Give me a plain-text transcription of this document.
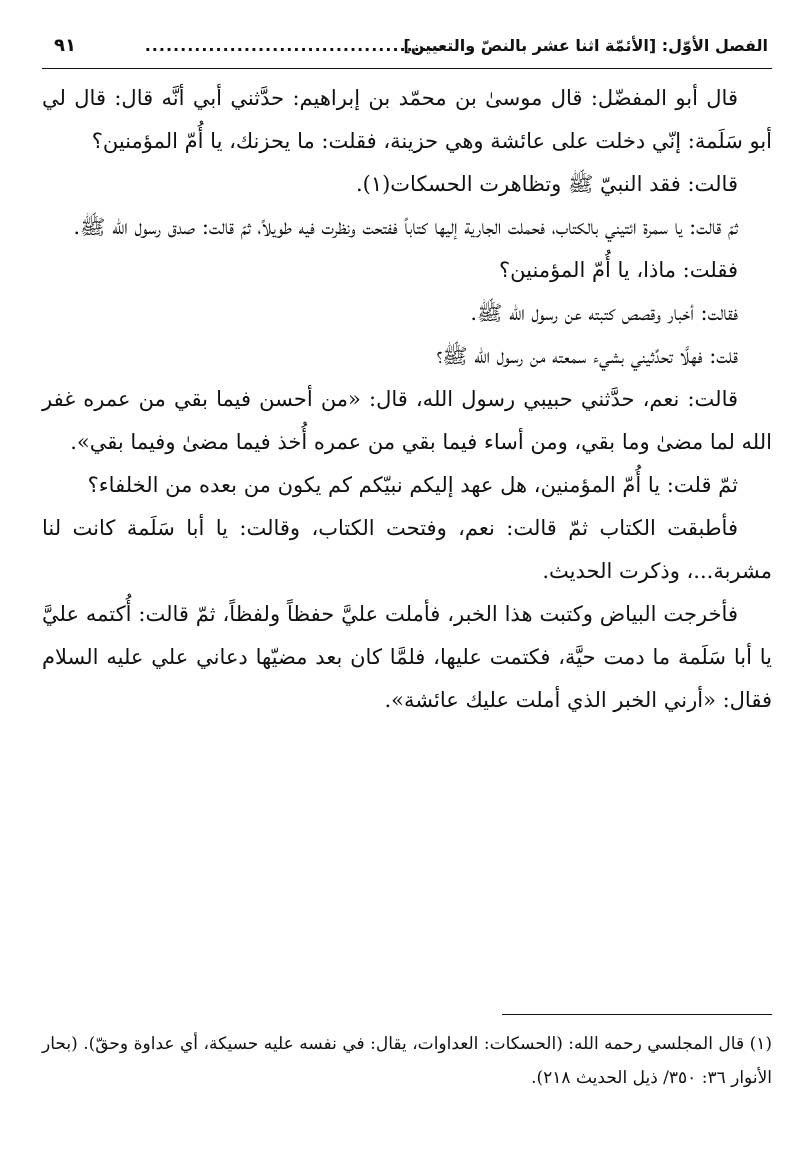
الفصل الأوّل: [الأئمّة اثنا عشر بالنصّ والتعيين]
..........................................
٩١

قال أبو المفضّل: قال موسىٰ بن محمّد بن إبراهيم: حدَّثني أبي أنَّه قال: قال لي أبو سَلَمة: إنّي دخلت على عائشة وهي حزينة، فقلت: ما يحزنك، يا أُمّ المؤمنين؟

قالت: فقد النبيّ ﷺ وتظاهرت الحسكات(١).

ثمّ قالت: يا سمرة ائتيني بالكتاب، فحملت الجارية إليها كتاباً ففتحت ونظرت فيه طويلاً، ثمّ قالت: صدق رسول الله ﷺ.

فقلت: ماذا، يا أُمّ المؤمنين؟

فقالت: أخبار وقصص كتبته عن رسول الله ﷺ.

قلت: فهلَّا تحدِّثيني بشيء سمعته من رسول الله ﷺ؟

قالت: نعم، حدَّثني حبيبي رسول الله، قال: «من أحسن فيما بقي من عمره غفر الله لما مضىٰ وما بقي، ومن أساء فيما بقي من عمره أُخذ فيما مضىٰ وفيما بقي».

ثمّ قلت: يا أُمّ المؤمنين، هل عهد إليكم نبيّكم كم يكون من بعده من الخلفاء؟

فأطبقت الكتاب ثمّ قالت: نعم، وفتحت الكتاب، وقالت: يا أبا سَلَمة كانت لنا مشربة...، وذكرت الحديث.

فأخرجت البياض وكتبت هذا الخبر، فأملت عليَّ حفظاً ولفظاً، ثمّ قالت: أُكتمه عليَّ يا أبا سَلَمة ما دمت حيَّة، فكتمت عليها، فلمَّا كان بعد مضيّها دعاني علي عليه السلام فقال: «أرني الخبر الذي أملت عليك عائشة».

(١) قال المجلسي رحمه الله: (الحسكات: العداوات، يقال: في نفسه عليه حسيكة، أي عداوة وحقّ). (بحار الأنوار ٣٦: ٣٥٠/ ذيل الحديث ٢١٨).
